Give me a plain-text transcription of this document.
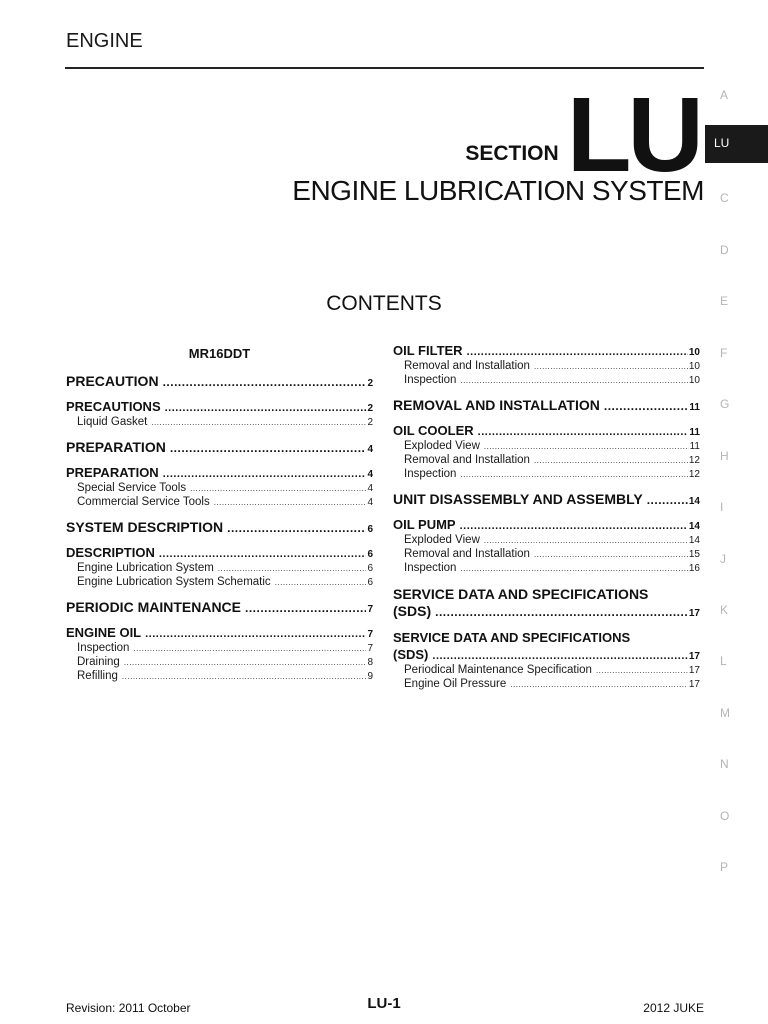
ENGINE
SECTION LU
ENGINE LUBRICATION SYSTEM
CONTENTS
A
LU
C
D
E
F
G
H
I
J
K
L
M
N
O
P
MR16DDT
PRECAUTION .....	2
PRECAUTIONS .....	2
Liquid Gasket .....	2
PREPARATION .....	4
PREPARATION .....	4
Special Service Tools .....	4
Commercial Service Tools .....	4
SYSTEM DESCRIPTION .....	6
DESCRIPTION .....	6
Engine Lubrication System .....	6
Engine Lubrication System Schematic .....	6
PERIODIC MAINTENANCE .....	7
ENGINE OIL .....	7
Inspection .....	7
Draining .....	8
Refilling .....	9
OIL FILTER .....	10
Removal and Installation .....	10
Inspection .....	10
REMOVAL AND INSTALLATION .....	11
OIL COOLER .....	11
Exploded View .....	11
Removal and Installation .....	12
Inspection .....	12
UNIT DISASSEMBLY AND ASSEMBLY .....	14
OIL PUMP .....	14
Exploded View .....	14
Removal and Installation .....	15
Inspection .....	16
SERVICE DATA AND SPECIFICATIONS
(SDS) .....	17
SERVICE DATA AND SPECIFICATIONS
(SDS) .....	17
Periodical Maintenance Specification .....	17
Engine Oil Pressure .....	17
Revision: 2011 October	LU-1	2012 JUKE
